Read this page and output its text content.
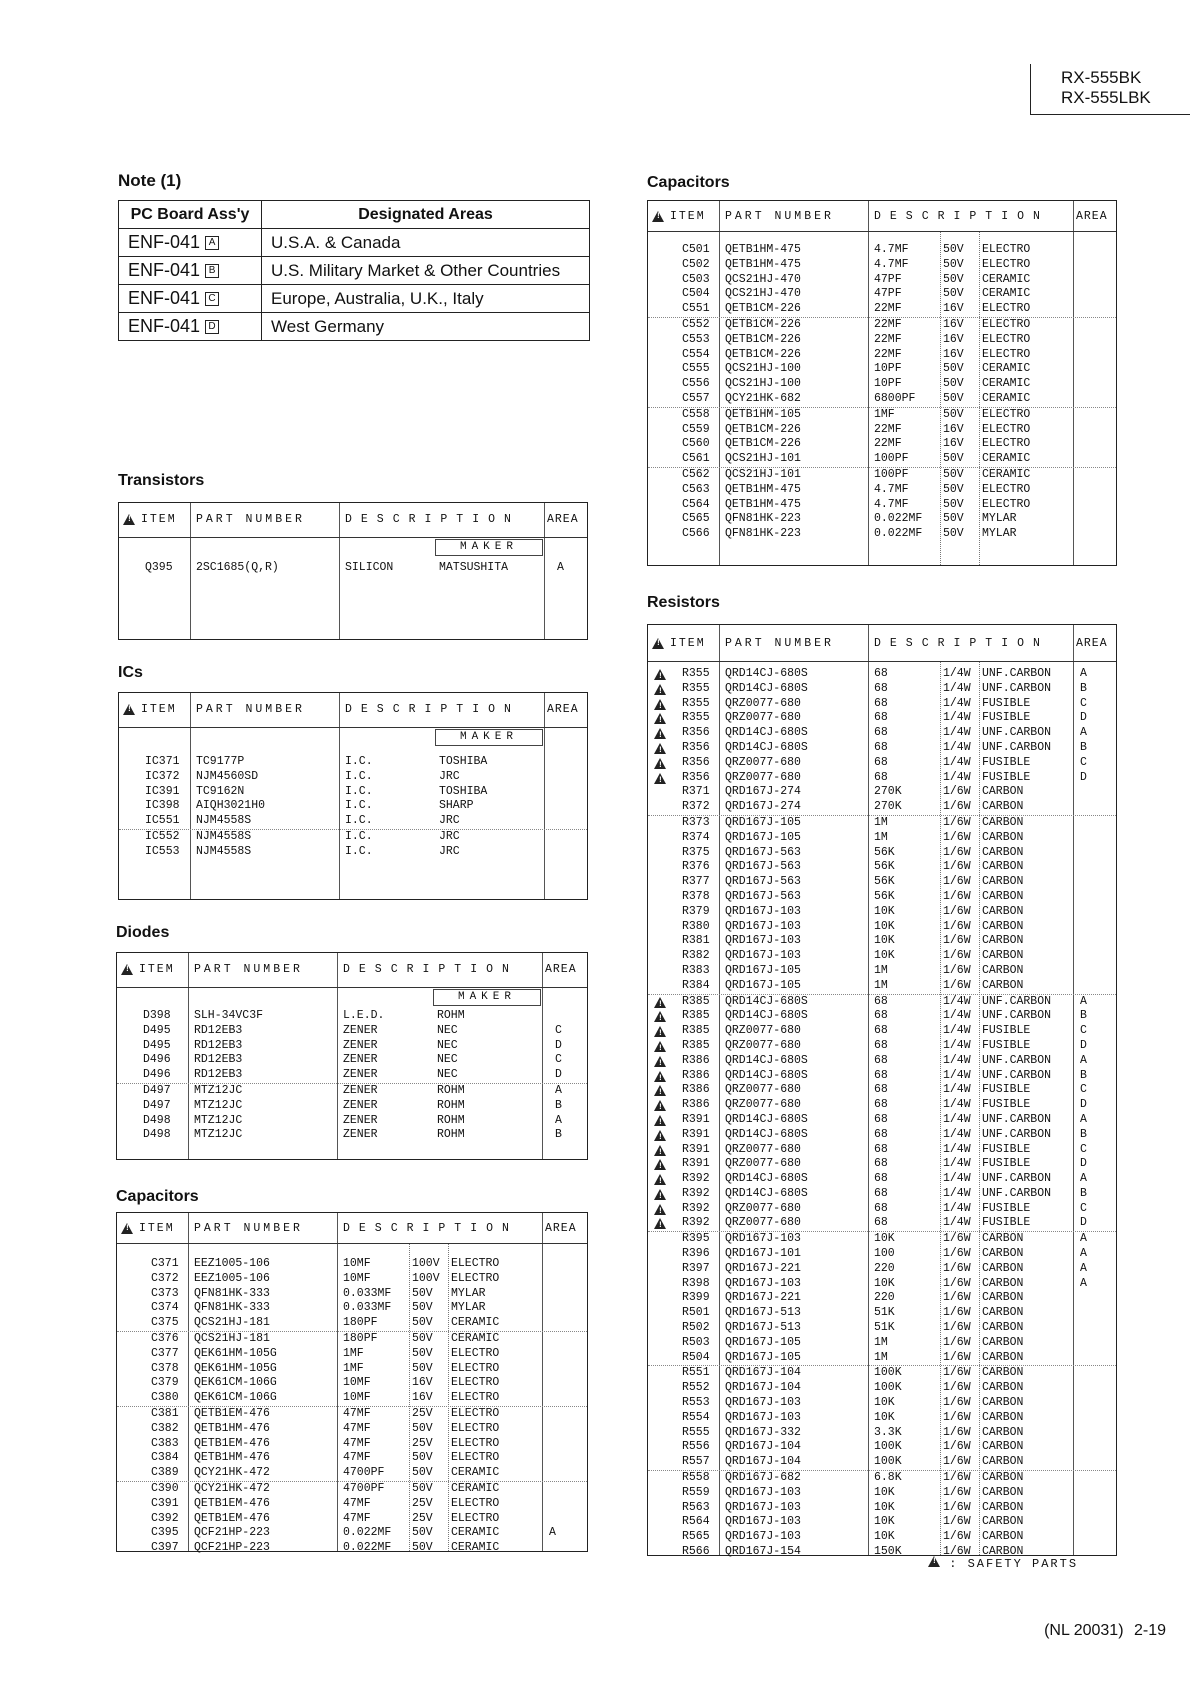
RX-555BK
RX-555LBK
Note (1)
PC Board Ass'y	Designated Areas
ENF-041 A	U.S.A. & Canada
ENF-041 B	U.S. Military Market & Other Countries
ENF-041 C	Europe, Australia, U.K., Italy
ENF-041 D	West Germany
Transistors
ICs
Diodes
Capacitors
Capacitors
Resistors
!
ITEM PART NUMBER	DESCRIPTION AREA
MAKER
Q395 2SC1685(Q,R)	SILICON	MATSUSHITA	A
!
ITEM PART NUMBER	DESCRIPTION AREA
MAKER
IC371 TC9177P	I.C.	TOSHIBA
IC372 NJM4560SD	I.C.	JRC
IC391 TC9162N	I.C.	TOSHIBA
IC398 AIQH3021H0	I.C.	SHARP
IC551 NJM4558S	I.C.	JRC
IC552 NJM4558S	I.C.	JRC
IC553 NJM4558S	I.C.	JRC
!
ITEM PART NUMBER	DESCRIPTION AREA
MAKER
D398 SLH-34VC3F	L.E.D.	ROHM
D495 RD12EB3	ZENER	NEC	C
D495 RD12EB3	ZENER	NEC	D
D496 RD12EB3	ZENER	NEC	C
D496 RD12EB3	ZENER	NEC	D
D497 MTZ12JC	ZENER	ROHM	A
D497 MTZ12JC	ZENER	ROHM	B
D498 MTZ12JC	ZENER	ROHM	A
D498 MTZ12JC	ZENER	ROHM	B
!
ITEM PART NUMBER	DESCRIPTION AREA
C371 EEZ1005-106	10MF	100V ELECTRO
C372 EEZ1005-106	10MF	100V ELECTRO
C373 QFN81HK-333	0.033MF 50V MYLAR
C374 QFN81HK-333	0.033MF 50V MYLAR
C375 QCS21HJ-181	180PF	50V CERAMIC
C376 QCS21HJ-181	180PF	50V CERAMIC
C377 QEK61HM-105G	1MF	50V ELECTRO
C378 QEK61HM-105G	1MF	50V ELECTRO
C379 QEK61CM-106G	10MF	16V ELECTRO
C380 QEK61CM-106G	10MF	16V ELECTRO
C381 QETB1EM-476	47MF	25V ELECTRO
C382 QETB1HM-476	47MF	50V ELECTRO
C383 QETB1EM-476	47MF	25V ELECTRO
C384 QETB1HM-476	47MF	50V ELECTRO
C389 QCY21HK-472	4700PF 50V CERAMIC
C390 QCY21HK-472	4700PF 50V CERAMIC
C391 QETB1EM-476	47MF	25V ELECTRO
C392 QETB1EM-476	47MF	25V ELECTRO
C395 QCF21HP-223	0.022MF 50V CERAMIC	A
C397 QCF21HP-223	0.022MF 50V CERAMIC
!
ITEM PART NUMBER	DESCRIPTION AREA
C501 QETB1HM-475	4.7MF	50V ELECTRO
C502 QETB1HM-475	4.7MF	50V ELECTRO
C503 QCS21HJ-470	47PF	50V CERAMIC
C504 QCS21HJ-470	47PF	50V CERAMIC
C551 QETB1CM-226	22MF	16V ELECTRO
C552 QETB1CM-226	22MF	16V ELECTRO
C553 QETB1CM-226	22MF	16V ELECTRO
C554 QETB1CM-226	22MF	16V ELECTRO
C555 QCS21HJ-100	10PF	50V CERAMIC
C556 QCS21HJ-100	10PF	50V CERAMIC
C557 QCY21HK-682	6800PF 50V CERAMIC
C558 QETB1HM-105	1MF	50V ELECTRO
C559 QETB1CM-226	22MF	16V ELECTRO
C560 QETB1CM-226	22MF	16V ELECTRO
C561 QCS21HJ-101	100PF	50V CERAMIC
C562 QCS21HJ-101	100PF	50V CERAMIC
C563 QETB1HM-475	4.7MF	50V ELECTRO
C564 QETB1HM-475	4.7MF	50V ELECTRO
C565 QFN81HK-223	0.022MF 50V MYLAR
C566 QFN81HK-223	0.022MF 50V MYLAR
!
ITEM PART NUMBER	DESCRIPTION AREA
!
R355 QRD14CJ-680S	68	1/4W UNF.CARBON	A
!
R355 QRD14CJ-680S	68	1/4W UNF.CARBON	B
!
R355 QRZ0077-680	68	1/4W FUSIBLE	C
!
R355 QRZ0077-680	68	1/4W FUSIBLE	D
!
R356 QRD14CJ-680S	68	1/4W UNF.CARBON	A
!
R356 QRD14CJ-680S	68	1/4W UNF.CARBON	B
!
R356 QRZ0077-680	68	1/4W FUSIBLE	C
!
R356 QRZ0077-680	68	1/4W FUSIBLE	D
R371 QRD167J-274	270K	1/6W CARBON
R372 QRD167J-274	270K	1/6W CARBON
R373 QRD167J-105	1M	1/6W CARBON
R374 QRD167J-105	1M	1/6W CARBON
R375 QRD167J-563	56K	1/6W CARBON
R376 QRD167J-563	56K	1/6W CARBON
R377 QRD167J-563	56K	1/6W CARBON
R378 QRD167J-563	56K	1/6W CARBON
R379 QRD167J-103	10K	1/6W CARBON
R380 QRD167J-103	10K	1/6W CARBON
R381 QRD167J-103	10K	1/6W CARBON
R382 QRD167J-103	10K	1/6W CARBON
R383 QRD167J-105	1M	1/6W CARBON
R384 QRD167J-105	1M	1/6W CARBON
!
R385 QRD14CJ-680S	68	1/4W UNF.CARBON	A
!
R385 QRD14CJ-680S	68	1/4W UNF.CARBON	B
!
R385 QRZ0077-680	68	1/4W FUSIBLE	C
!
R385 QRZ0077-680	68	1/4W FUSIBLE	D
!
R386 QRD14CJ-680S	68	1/4W UNF.CARBON	A
!
R386 QRD14CJ-680S	68	1/4W UNF.CARBON	B
!
R386 QRZ0077-680	68	1/4W FUSIBLE	C
!
R386 QRZ0077-680	68	1/4W FUSIBLE	D
!
R391 QRD14CJ-680S	68	1/4W UNF.CARBON	A
!
R391 QRD14CJ-680S	68	1/4W UNF.CARBON	B
!
R391 QRZ0077-680	68	1/4W FUSIBLE	C
!
R391 QRZ0077-680	68	1/4W FUSIBLE	D
!
R392 QRD14CJ-680S	68	1/4W UNF.CARBON	A
!
R392 QRD14CJ-680S	68	1/4W UNF.CARBON	B
!
R392 QRZ0077-680	68	1/4W FUSIBLE	C
!
R392 QRZ0077-680	68	1/4W FUSIBLE	D
R395 QRD167J-103	10K	1/6W CARBON	A
R396 QRD167J-101	100	1/6W CARBON	A
R397 QRD167J-221	220	1/6W CARBON	A
R398 QRD167J-103	10K	1/6W CARBON	A
R399 QRD167J-221	220	1/6W CARBON
R501 QRD167J-513	51K	1/6W CARBON
R502 QRD167J-513	51K	1/6W CARBON
R503 QRD167J-105	1M	1/6W CARBON
R504 QRD167J-105	1M	1/6W CARBON
R551 QRD167J-104	100K	1/6W CARBON
R552 QRD167J-104	100K	1/6W CARBON
R553 QRD167J-103	10K	1/6W CARBON
R554 QRD167J-103	10K	1/6W CARBON
R555 QRD167J-332	3.3K	1/6W CARBON
R556 QRD167J-104	100K	1/6W CARBON
R557 QRD167J-104	100K	1/6W CARBON
R558 QRD167J-682	6.8K	1/6W CARBON
R559 QRD167J-103	10K	1/6W CARBON
R563 QRD167J-103	10K	1/6W CARBON
R564 QRD167J-103	10K	1/6W CARBON
R565 QRD167J-103	10K	1/6W CARBON
R566 QRD167J-154	150K	1/6W CARBON
! : SAFETY PARTS
(NL 20031) 2-19
